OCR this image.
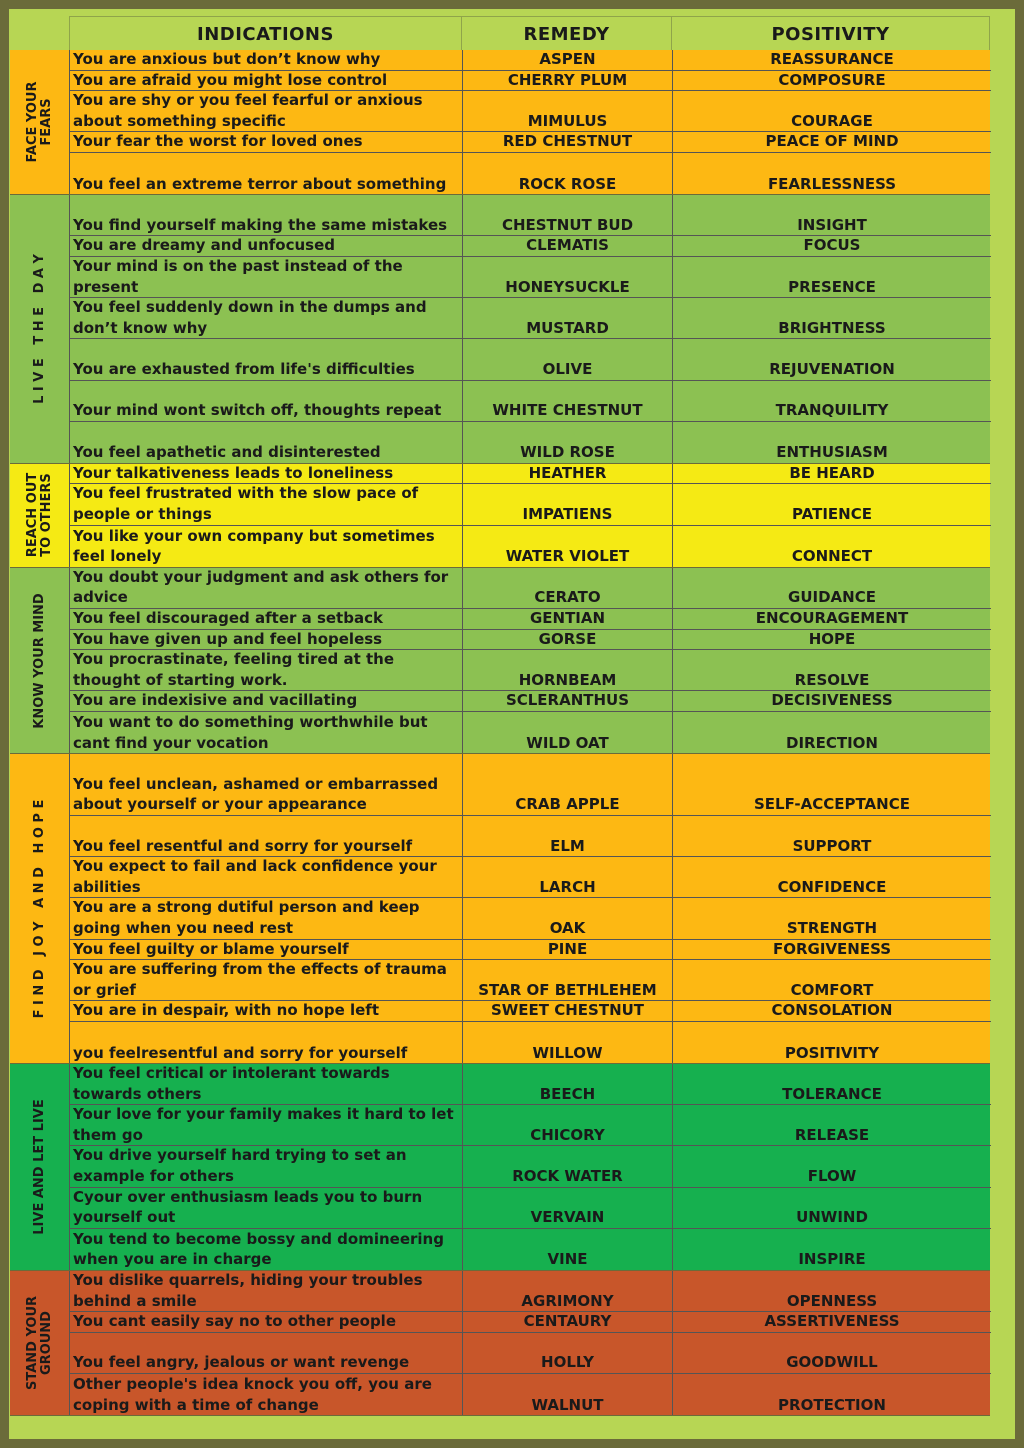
INDICATIONS	REMEDY	POSITIVITY
FACE YOUR
FEARS
You are anxious but don’t know why	ASPEN	REASSURANCE
You are afraid you might lose control	CHERRY PLUM	COMPOSURE
You are shy or you feel fearful or anxious about something specific	MIMULUS	COURAGE
Your fear the worst for loved ones	RED CHESTNUT	PEACE OF MIND
You feel an extreme terror about something	ROCK ROSE	FEARLESSNESS
L I V E   T H E   D A Y
You find yourself making the same mistakes	CHESTNUT BUD	INSIGHT
You are dreamy and unfocused	CLEMATIS	FOCUS
Your mind is on the past instead of the present	HONEYSUCKLE	PRESENCE
You feel suddenly down in the dumps and don’t know why	MUSTARD	BRIGHTNESS
You are exhausted from life's difficulties	OLIVE	REJUVENATION
Your mind wont switch off, thoughts repeat	WHITE CHESTNUT	TRANQUILITY
You feel apathetic and disinterested	WILD ROSE	ENTHUSIASM
REACH OUT
TO OTHERS
Your talkativeness leads to loneliness	HEATHER	BE HEARD
You feel frustrated with the slow pace of people or things	IMPATIENS	PATIENCE
You like your own company but sometimes feel lonely	WATER VIOLET	CONNECT
KNOW YOUR MIND
You doubt your judgment and ask others for advice	CERATO	GUIDANCE
You feel discouraged after a setback	GENTIAN	ENCOURAGEMENT
You have given up and feel hopeless	GORSE	HOPE
You procrastinate, feeling tired at the thought of starting work.	HORNBEAM	RESOLVE
You are indexisive and vacillating	SCLERANTHUS	DECISIVENESS
You want to do something worthwhile but cant find your vocation	WILD OAT	DIRECTION
F I N D   J O Y   A N D   H O P E
You feel unclean, ashamed or embarrassed about yourself or your appearance	CRAB APPLE	SELF-ACCEPTANCE
You feel resentful and sorry for yourself	ELM	SUPPORT
You expect to fail and lack confidence your abilities	LARCH	CONFIDENCE
You are a strong dutiful person and keep going when you need rest	OAK	STRENGTH
You feel guilty or blame yourself	PINE	FORGIVENESS
You are suffering from the effects of trauma or grief	STAR OF BETHLEHEM	COMFORT
You are in despair, with no hope left	SWEET CHESTNUT	CONSOLATION
you feelresentful and sorry for yourself	WILLOW	POSITIVITY
LIVE AND LET LIVE
You feel critical or intolerant towards towards others	BEECH	TOLERANCE
Your love for your family makes it hard to let them go	CHICORY	RELEASE
You drive yourself hard trying to set an example for others	ROCK WATER	FLOW
Cyour over enthusiasm leads you to burn yourself out	VERVAIN	UNWIND
You tend to become bossy and domineering when you are in charge	VINE	INSPIRE
STAND YOUR
GROUND
You dislike quarrels, hiding your troubles behind a smile	AGRIMONY	OPENNESS
You cant easily say no to other people	CENTAURY	ASSERTIVENESS
You feel angry, jealous or want revenge	HOLLY	GOODWILL
Other people's idea knock you off, you are coping with a time of change	WALNUT	PROTECTION
